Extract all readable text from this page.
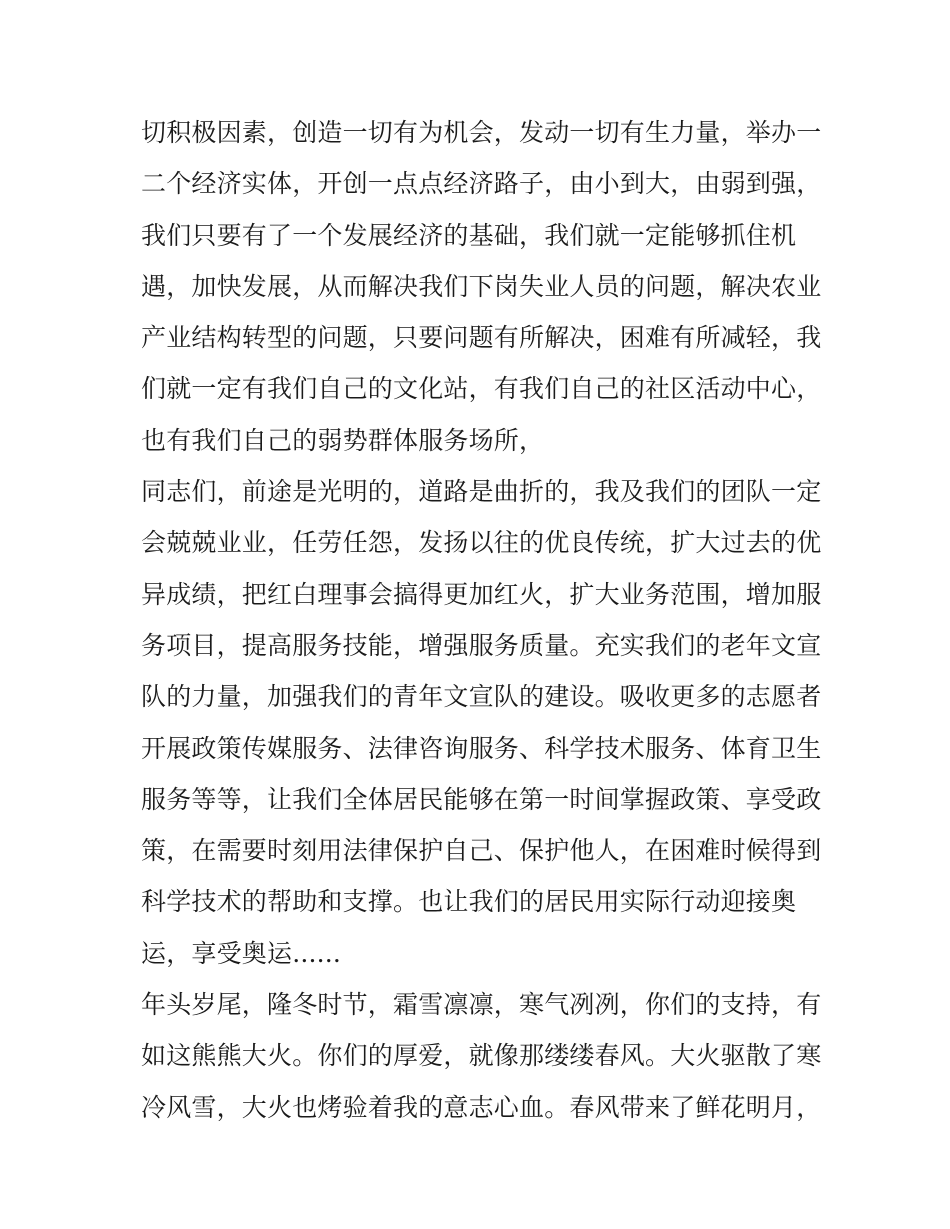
切积极因素，创造一切有为机会，发动一切有生力量，举办一
二个经济实体，开创一点点经济路子，由小到大，由弱到强，
我们只要有了一个发展经济的基础，我们就一定能够抓住机
遇，加快发展，从而解决我们下岗失业人员的问题，解决农业
产业结构转型的问题，只要问题有所解决，困难有所减轻，我
们就一定有我们自己的文化站，有我们自己的社区活动中心，
也有我们自己的弱势群体服务场所，
同志们，前途是光明的，道路是曲折的，我及我们的团队一定
会兢兢业业，任劳任怨，发扬以往的优良传统，扩大过去的优
异成绩，把红白理事会搞得更加红火，扩大业务范围，增加服
务项目，提高服务技能，增强服务质量。充实我们的老年文宣
队的力量，加强我们的青年文宣队的建设。吸收更多的志愿者
开展政策传媒服务、法律咨询服务、科学技术服务、体育卫生
服务等等，让我们全体居民能够在第一时间掌握政策、享受政
策，在需要时刻用法律保护自己、保护他人，在困难时候得到
科学技术的帮助和支撑。也让我们的居民用实际行动迎接奥
运，享受奥运......
年头岁尾，隆冬时节，霜雪凛凛，寒气冽冽，你们的支持，有
如这熊熊大火。你们的厚爱，就像那缕缕春风。大火驱散了寒
冷风雪，大火也烤验着我的意志心血。春风带来了鲜花明月，
